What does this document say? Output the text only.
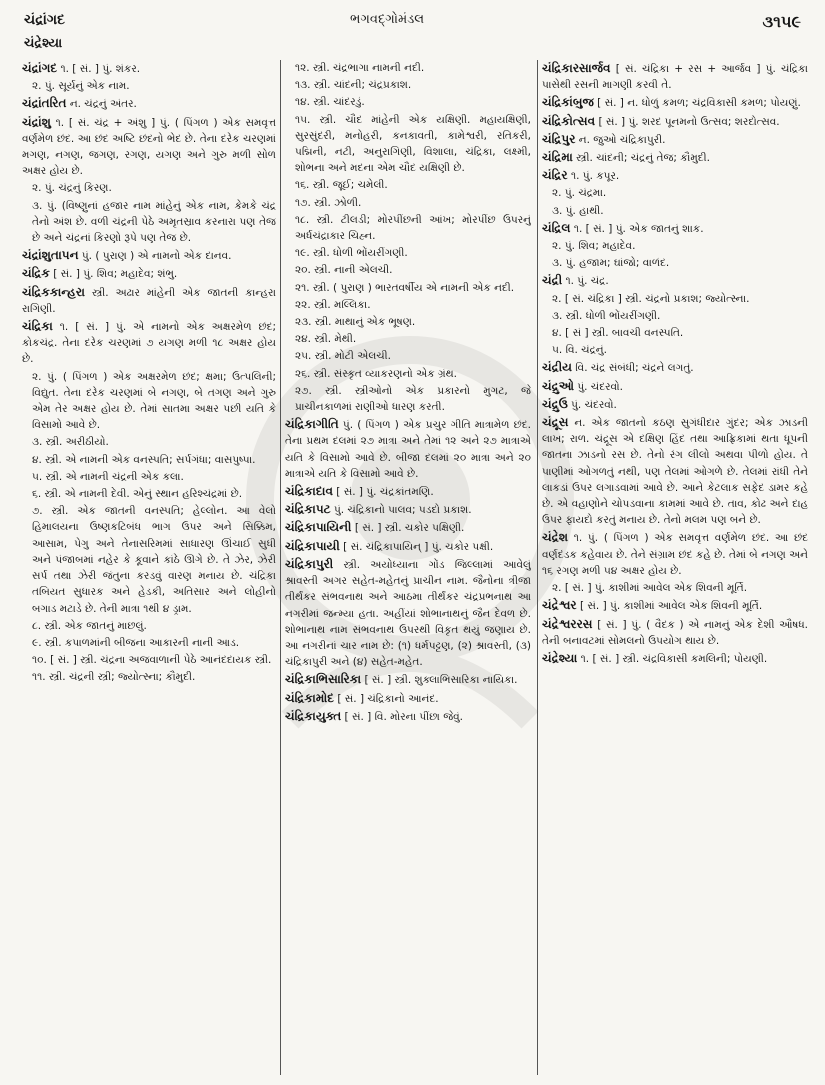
ચંદ્રાંગદ	ભગવદ્ગોમંડલ	૩૧૫૯
ચંદ્રેશ્યા

ચંદ્રાંગદ ૧. [ સં. ] પું. શંકર.

૨. પું. સૂર્યનું એક નામ.

ચંદ્રાંતરિત ન. ચંદ્રનું અંતર.

ચંદ્રાંશુ ૧. [ સં. ચંદ્ર + અંશુ ] પું. ( પિંગળ ) એક સમવૃત્ત વર્ણમેળ છંદ. આ છંદ અષ્ટિ છંદનો ભેદ છે. તેના દરેક ચરણમાં મગણ, નગણ, જગણ, રગણ, યગણ અને ગુરુ મળી સોળ અક્ષર હોય છે.

૨. પું. ચંદ્રનું કિરણ.

૩. પું. (વિષ્ણુનાં હજાર નામ માંહેનું એક નામ, કેમકે ચંદ્ર તેનો અંશ છે. વળી ચંદ્રની પેઠે અમૃતસ્રાવ કરનારા પણ તેજ છે અને ચંદ્રનાં કિરણો રૂપે પણ તેજ છે.

ચંદ્રાંશુતાપન પું. ( પુરાણ ) એ નામનો એક દાનવ.

ચંદ્રિક [ સં. ] પું. શિવ; મહાદેવ; શંભુ.

ચંદ્રિકકાન્હરા સ્ત્રી. અઢાર માંહેની એક જાતની કાન્હરા રાગિણી.

ચંદ્રિકા ૧. [ સં. ] પું. એ નામનો એક અક્ષરમેળ છંદ; કોકચંદ્ર. તેના દરેક ચરણમાં ૭ યગણ મળી ૧૮ અક્ષર હોય છે.

૨. પું. ( પિંગળ ) એક અક્ષરમેળ છંદ; ક્ષમા; ઉત્પલિની; વિદ્યુત. તેના દરેક ચરણમાં બે નગણ, બે તગણ અને ગુરુ એમ તેર અક્ષર હોય છે. તેમાં સાતમા અક્ષર પછી યતિ કે વિસામો આવે છે.

૩. સ્ત્રી. અરીઠીયો.

૪. સ્ત્રી. એ નામની એક વનસ્પતિ; સર્પગંધા; વાસપુષ્પા.

૫. સ્ત્રી. એ નામની ચંદ્રની એક કલા.

૬. સ્ત્રી. એ નામની દેવી. એનું સ્થાન હરિશ્ચંદ્રમાં છે.

૭. સ્ત્રી. એક જાતની વનસ્પતિ; હેલ્લોન. આ વેલો હિમાલયના ઉષ્ણકટિબંધ ભાગ ઉપર અને સિક્કિમ, આસામ, પેગુ અને તેનાસરિમમાં સાધારણ ઊંચાઈ સુધી અને પંજાબમાં નહેર કે કૂવાને કાંઠે ઊગે છે. તે ઝેર, ઝેરી સર્પ તથા ઝેરી જંતુના કરડવું વારણ મનાય છે. ચંદ્રિકા તબિયત સુધારક અને હેડકી, અતિસાર અને લોહીનો બગાડ મટાડે છે. તેની માત્રા ૧થી ૪ ડ્રામ.

૮. સ્ત્રી. એક જાતનું માછલું.

૯. સ્ત્રી. કપાળમાંની બીજના આકારની નાની આડ.

૧૦. [ સં. ] સ્ત્રી. ચંદ્રના અજવાળાની પેઠે આનંદદાયક સ્ત્રી.

૧૧. સ્ત્રી. ચંદ્રની સ્ત્રી; જ્યોત્સ્ના; કૌમુદી.

૧૨. સ્ત્રી. ચંદ્રભાગા નામની નદી.

૧૩. સ્ત્રી. ચાંદની; ચંદ્રપ્રકાશ.

૧૪. સ્ત્રી. ચાંદરડું.

૧૫. સ્ત્રી. ચૌદ માંહેની એક યક્ષિણી. મહાયક્ષિણી, સુરસુંદરી, મનોહરી, કનકાવતી, કામેશ્વરી, રતિકરી, પદ્મિની, નટી, અનુરાગિણી, વિશાલા, ચંદ્રિકા, લક્ષ્મી, શોભના અને મદના એમ ચૌદ યક્ષિણી છે.

૧૬. સ્ત્રી. જૂઈ; ચમેલી.

૧૭. સ્ત્રી. ઝોળી.

૧૮. સ્ત્રી. ટીલડી; મોરપીંછની આંખ; મોરપીંછ ઉપરનું અર્ધચંદ્રાકાર ચિહ્ન.

૧૯. સ્ત્રી. ધોળી ભોંયરીંગણી.

૨૦. સ્ત્રી. નાની એલચી.

૨૧. સ્ત્રી. ( પુરાણ ) ભારતવર્ષીય એ નામની એક નદી.

૨૨. સ્ત્રી. મલ્લિકા.

૨૩. સ્ત્રી. માથાનું એક ભૂષણ.

૨૪. સ્ત્રી. મેથી.

૨૫. સ્ત્રી. મોટી એલચી.

૨૬. સ્ત્રી. સંસ્કૃત વ્યાકરણનો એક ગ્રંથ.

૨૭. સ્ત્રી. સ્ત્રીઓનો એક પ્રકારનો મુગટ, જે પ્રાચીનકાળમાં રાણીઓ ધારણ કરતી.

ચંદ્રિકાગીતિ પું. ( પિંગળ ) એક પ્રચુર ગીતિ માત્રામેળ છંદ. તેના પ્રથમ દલમાં ૨૭ માત્રા અને તેમાં ૧૨ અને ૨૭ માત્રાએ યતિ કે વિસામો આવે છે. બીજા દલમાં ૨૦ માત્રા અને ૨૦ માત્રાએ યતિ કે વિસામો આવે છે.

ચંદ્રિકાદાવ [ સં. ] પું. ચંદ્રકાંતમણિ.

ચંદ્રિકાપટ પું. ચંદ્રિકાનો પાલવ; પડદો પ્રકાશ.

ચંદ્રિકાપાયિની [ સં. ] સ્ત્રી. ચકોર પક્ષિણી.

ચંદ્રિકાપાયી [ સં. ચંદ્રિકાપાયિન્ ] પું. ચકોર પક્ષી.

ચંદ્રિકાપુરી સ્ત્રી. અયોધ્યાના ગોંડ જિલ્લામાં આવેલું શ્રાવસ્તી અગર સહેત-મહેતનું પ્રાચીન નામ. જૈનોના ત્રીજા તીર્થંકર સંભવનાથ અને આઠમા તીર્થંકર ચંદ્રપ્રભનાથ આ નગરીમાં જન્મ્યા હતા. અહીંયાં શોભાનાથનું જૈન દેવળ છે. શોભાનાથ નામ સંભવનાથ ઉપરથી વિકૃત થયું જણાય છે. આ નગરીનાં ચાર નામ છે: (૧) ધર્મપટ્ટણ, (૨) શ્રાવસ્તી, (૩) ચંદ્રિકાપુરી અને (૪) સહેત-મહેત.

ચંદ્રિકાભિસારિકા [ સં. ] સ્ત્રી. શુક્લાભિસારિકા નાયિકા.

ચંદ્રિકામોદ [ સં. ] ચંદ્રિકાનો આનંદ.

ચંદ્રિકાયુક્ત [ સં. ] વિ. મોરના પીંછા જેવું.

ચંદ્રિકારસાર્જવ [ સં. ચંદ્રિકા + રસ + આર્જવ ] પું. ચંદ્રિકા પાસેથી રસની માગણી કરવી તે.

ચંદ્રિકાંબુજ [ સં. ] ન. ધોળું કમળ; ચંદ્રવિકાસી કમળ; પોયણું.

ચંદ્રિકોત્સવ [ સં. ] પું. શરદ પૂનમનો ઉત્સવ; શરદોત્સવ.

ચંદ્રિપુર ન. જુઓ ચંદ્રિકાપુરી.

ચંદ્રિમા સ્ત્રી. ચાંદની; ચંદ્રનું તેજ; કૌમુદી.

ચંદ્રિર ૧. પું. કપૂર.

૨. પું. ચંદ્રમા.

૩. પું. હાથી.

ચંદ્રિલ ૧. [ સં. ] પું. એક જાતનું શાક.

૨. પું. શિવ; મહાદેવ.

૩. પું. હજામ; ઘાંજો; વાળંદ.

ચંદ્રી ૧. પું. ચંદ્ર.

૨. [ સં. ચંદ્રિકા ] સ્ત્રી. ચંદ્રનો પ્રકાશ; જ્યોત્સ્ના.

૩. સ્ત્રી. ધોળી ભોંયરીંગણી.

૪. [ સં ] સ્ત્રી. બાવચી વનસ્પતિ.

૫. વિ. ચંદ્રનું.

ચંદ્રીય વિ. ચંદ્ર સંબંધી; ચંદ્રને લગતું.

ચંદ્રુઓ પું. ચંદરવો.

ચંદ્રુઉ પું. ચંદરવો.

ચંદ્રૂસ ન. એક જાતનો કઠણ સુગંધીદાર ગુંદર; એક ઝાડની લાખ; રાળ. ચંદ્રૂસ એ દક્ષિણ હિંદ તથા આફ્રિકામાં થતા ધૂપની જાતના ઝાડનો રસ છે. તેનો રંગ લીલો અથવા પીળો હોય. તે પાણીમાં ઓગળતું નથી, પણ તેલમાં ઓગળે છે. તેલમાં રાંધી તેને લાકડાં ઉપર લગાડવામાં આવે છે. આને કેટલાક સફેદ ડામર કહે છે. એ વહાણોને ચોપડવાના કામમાં આવે છે. તાવ, કોઢ અને દાહ ઉપર ફાયદો કરતું મનાય છે. તેનો મલમ પણ બને છે.

ચંદ્રેશ ૧. પું. ( પિંગળ ) એક સમવૃત્ત વર્ણમેળ છંદ. આ છંદ વર્ણદંડક કહેવાય છે. તેને સંગ્રામ છંદ કહે છે. તેમાં બે નગણ અને ૧૬ રગણ મળી ૫૪ અક્ષર હોય છે.

૨. [ સં. ] પું. કાશીમાં આવેલ એક શિવની મૂર્તિ.

ચંદ્રેશ્વર [ સં. ] પું. કાશીમાં આવેલ એક શિવની મૂર્તિ.

ચંદ્રેશ્વરરસ [ સં. ] પું. ( વૈદક ) એ નામનું એક દેશી ઔષધ. તેની બનાવટમાં સોમલનો ઉપયોગ થાય છે.

ચંદ્રેશ્યા ૧. [ સં. ] સ્ત્રી. ચંદ્રવિકાસી કમલિની; પોયણી.
